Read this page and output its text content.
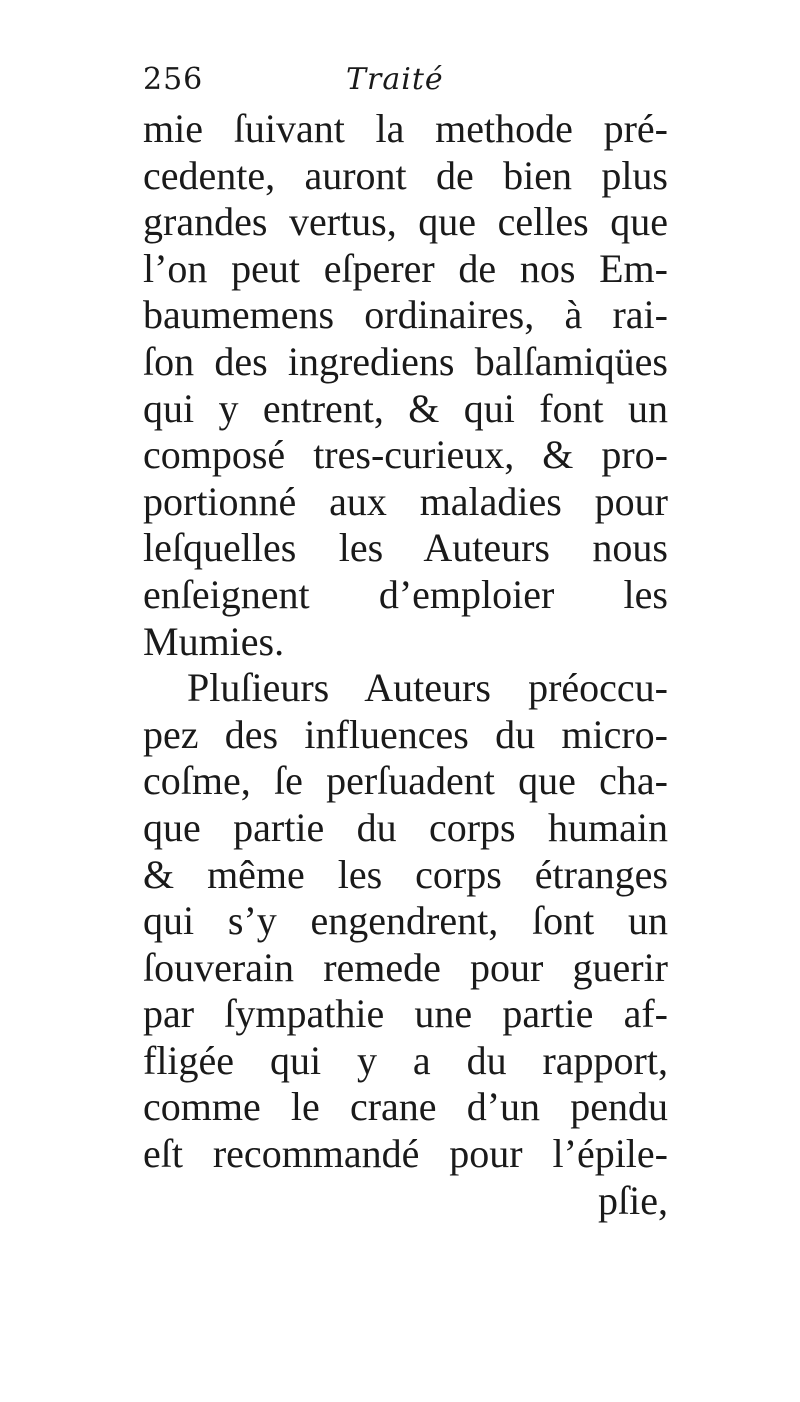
256	Traité
mie ſuivant la methode pré-
cedente, auront de bien plus
grandes vertus, que celles que
l’on peut eſperer de nos Em-
baumemens ordinaires, à rai-
ſon des ingrediens balſamiqües
qui y entrent, & qui font un
composé tres-curieux, & pro-
portionné aux maladies pour
leſquelles les Auteurs nous
enſeignent d’emploier les
Mumies.
Pluſieurs Auteurs préoccu-
pez des influences du micro-
coſme, ſe perſuadent que cha-
que partie du corps humain
& même les corps étranges
qui s’y engendrent, ſont un
ſouverain remede pour guerir
par ſympathie une partie af-
fligée qui y a du rapport,
comme le crane d’un pendu
eſt recommandé pour l’épile-
pſie,
